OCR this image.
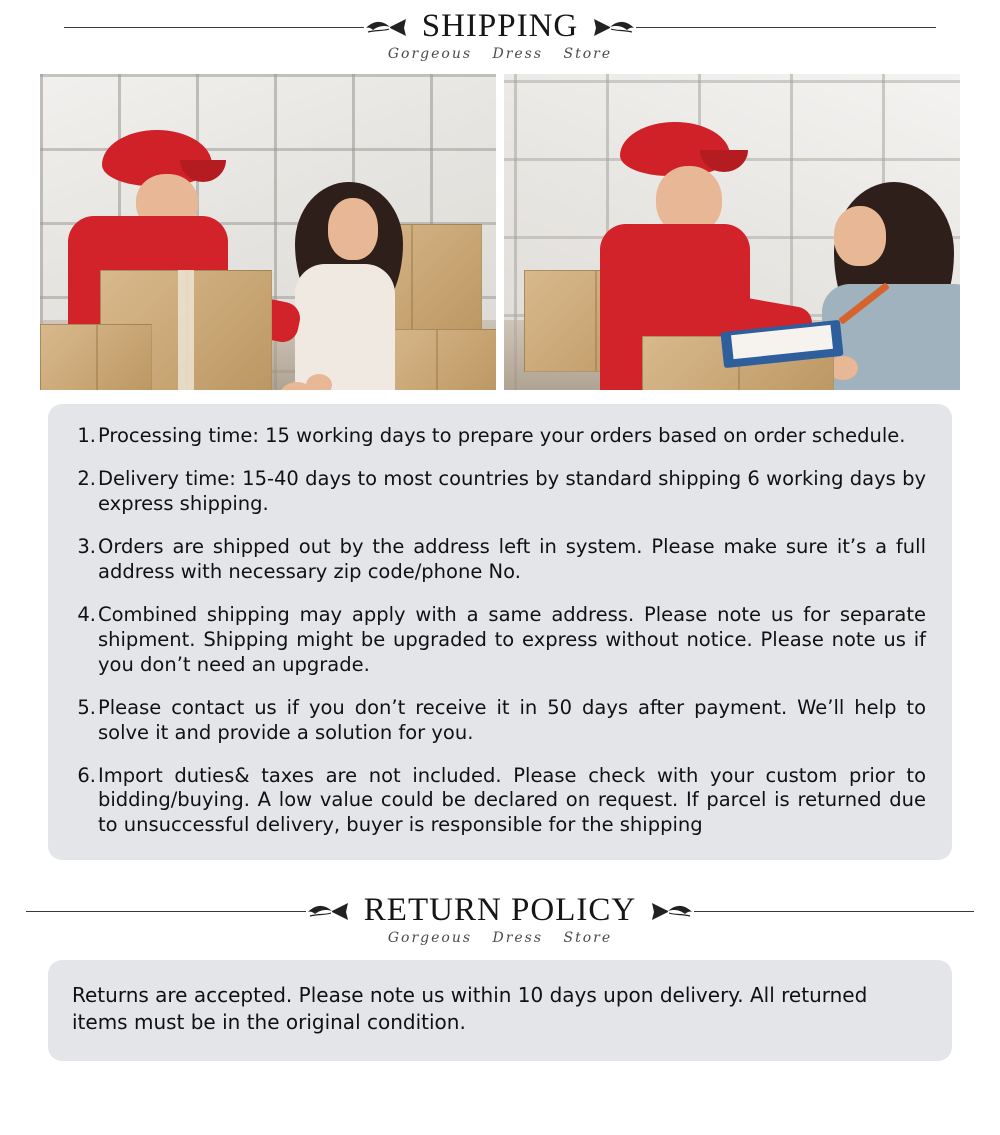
SHIPPING
Gorgeous Dress Store
1. Processing time: 15 working days to prepare your orders based on order schedule.
2. Delivery time: 15-40 days to most countries by standard shipping 6 working days by express shipping.
3. Orders are shipped out by the address left in system. Please make sure it’s a full address with necessary zip code/phone No.
4. Combined shipping may apply with a same address. Please note us for separate shipment. Shipping might be upgraded to express without notice. Please note us if you don’t need an upgrade.
5. Please contact us if you don’t receive it in 50 days after payment. We’ll help to solve it and provide a solution for you.
6. Import duties& taxes are not included. Please check with your custom prior to bidding/buying. A low value could be declared on request. If parcel is returned due to unsuccessful delivery, buyer is responsible for the shipping
RETURN POLICY
Gorgeous Dress Store
Returns are accepted. Please note us within 10 days upon delivery. All returned items must be in the original condition.
